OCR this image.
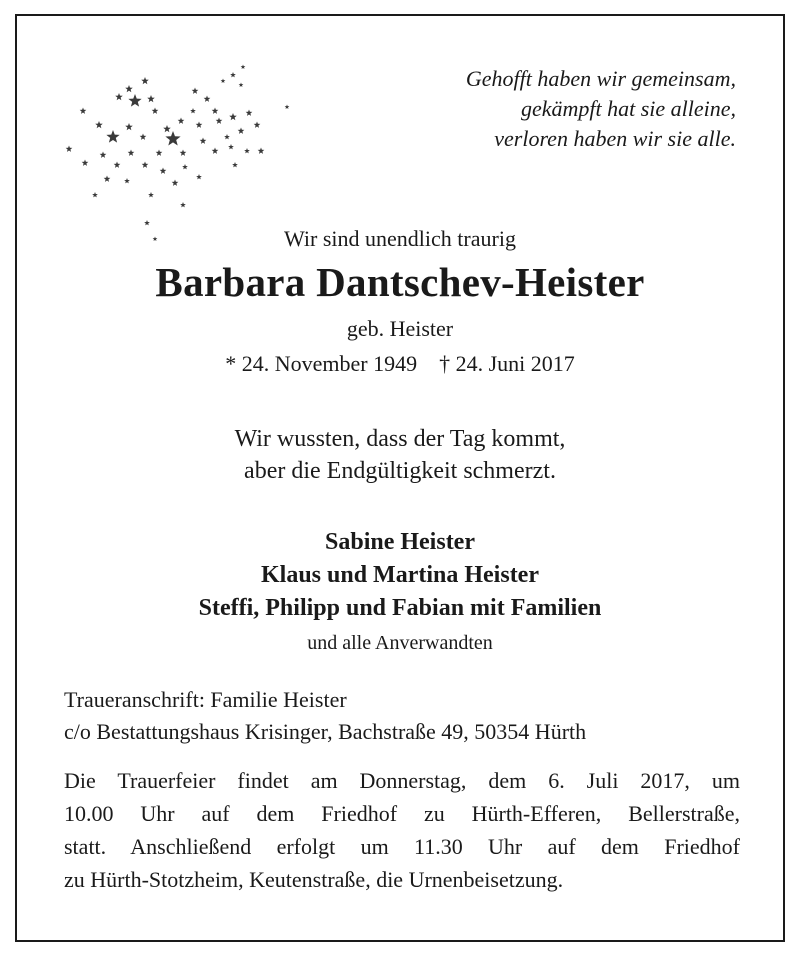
Gehofft haben wir gemeinsam,
gekämpft hat sie alleine,
verloren haben wir sie alle.
Wir sind unendlich traurig
Barbara Dantschev-Heister
geb. Heister
* 24. November 1949 † 24. Juni 2017
Wir wussten, dass der Tag kommt,
aber die Endgültigkeit schmerzt.
Sabine Heister
Klaus und Martina Heister
Steffi, Philipp und Fabian mit Familien
und alle Anverwandten
Traueranschrift: Familie Heister
c/o Bestattungshaus Krisinger, Bachstraße 49, 50354 Hürth
Die Trauerfeier findet am Donnerstag, dem 6. Juli 2017, um
10.00 Uhr auf dem Friedhof zu Hürth-Efferen, Bellerstraße,
statt. Anschließend erfolgt um 11.30 Uhr auf dem Friedhof
zu Hürth-Stotzheim, Keutenstraße, die Urnenbeisetzung.
